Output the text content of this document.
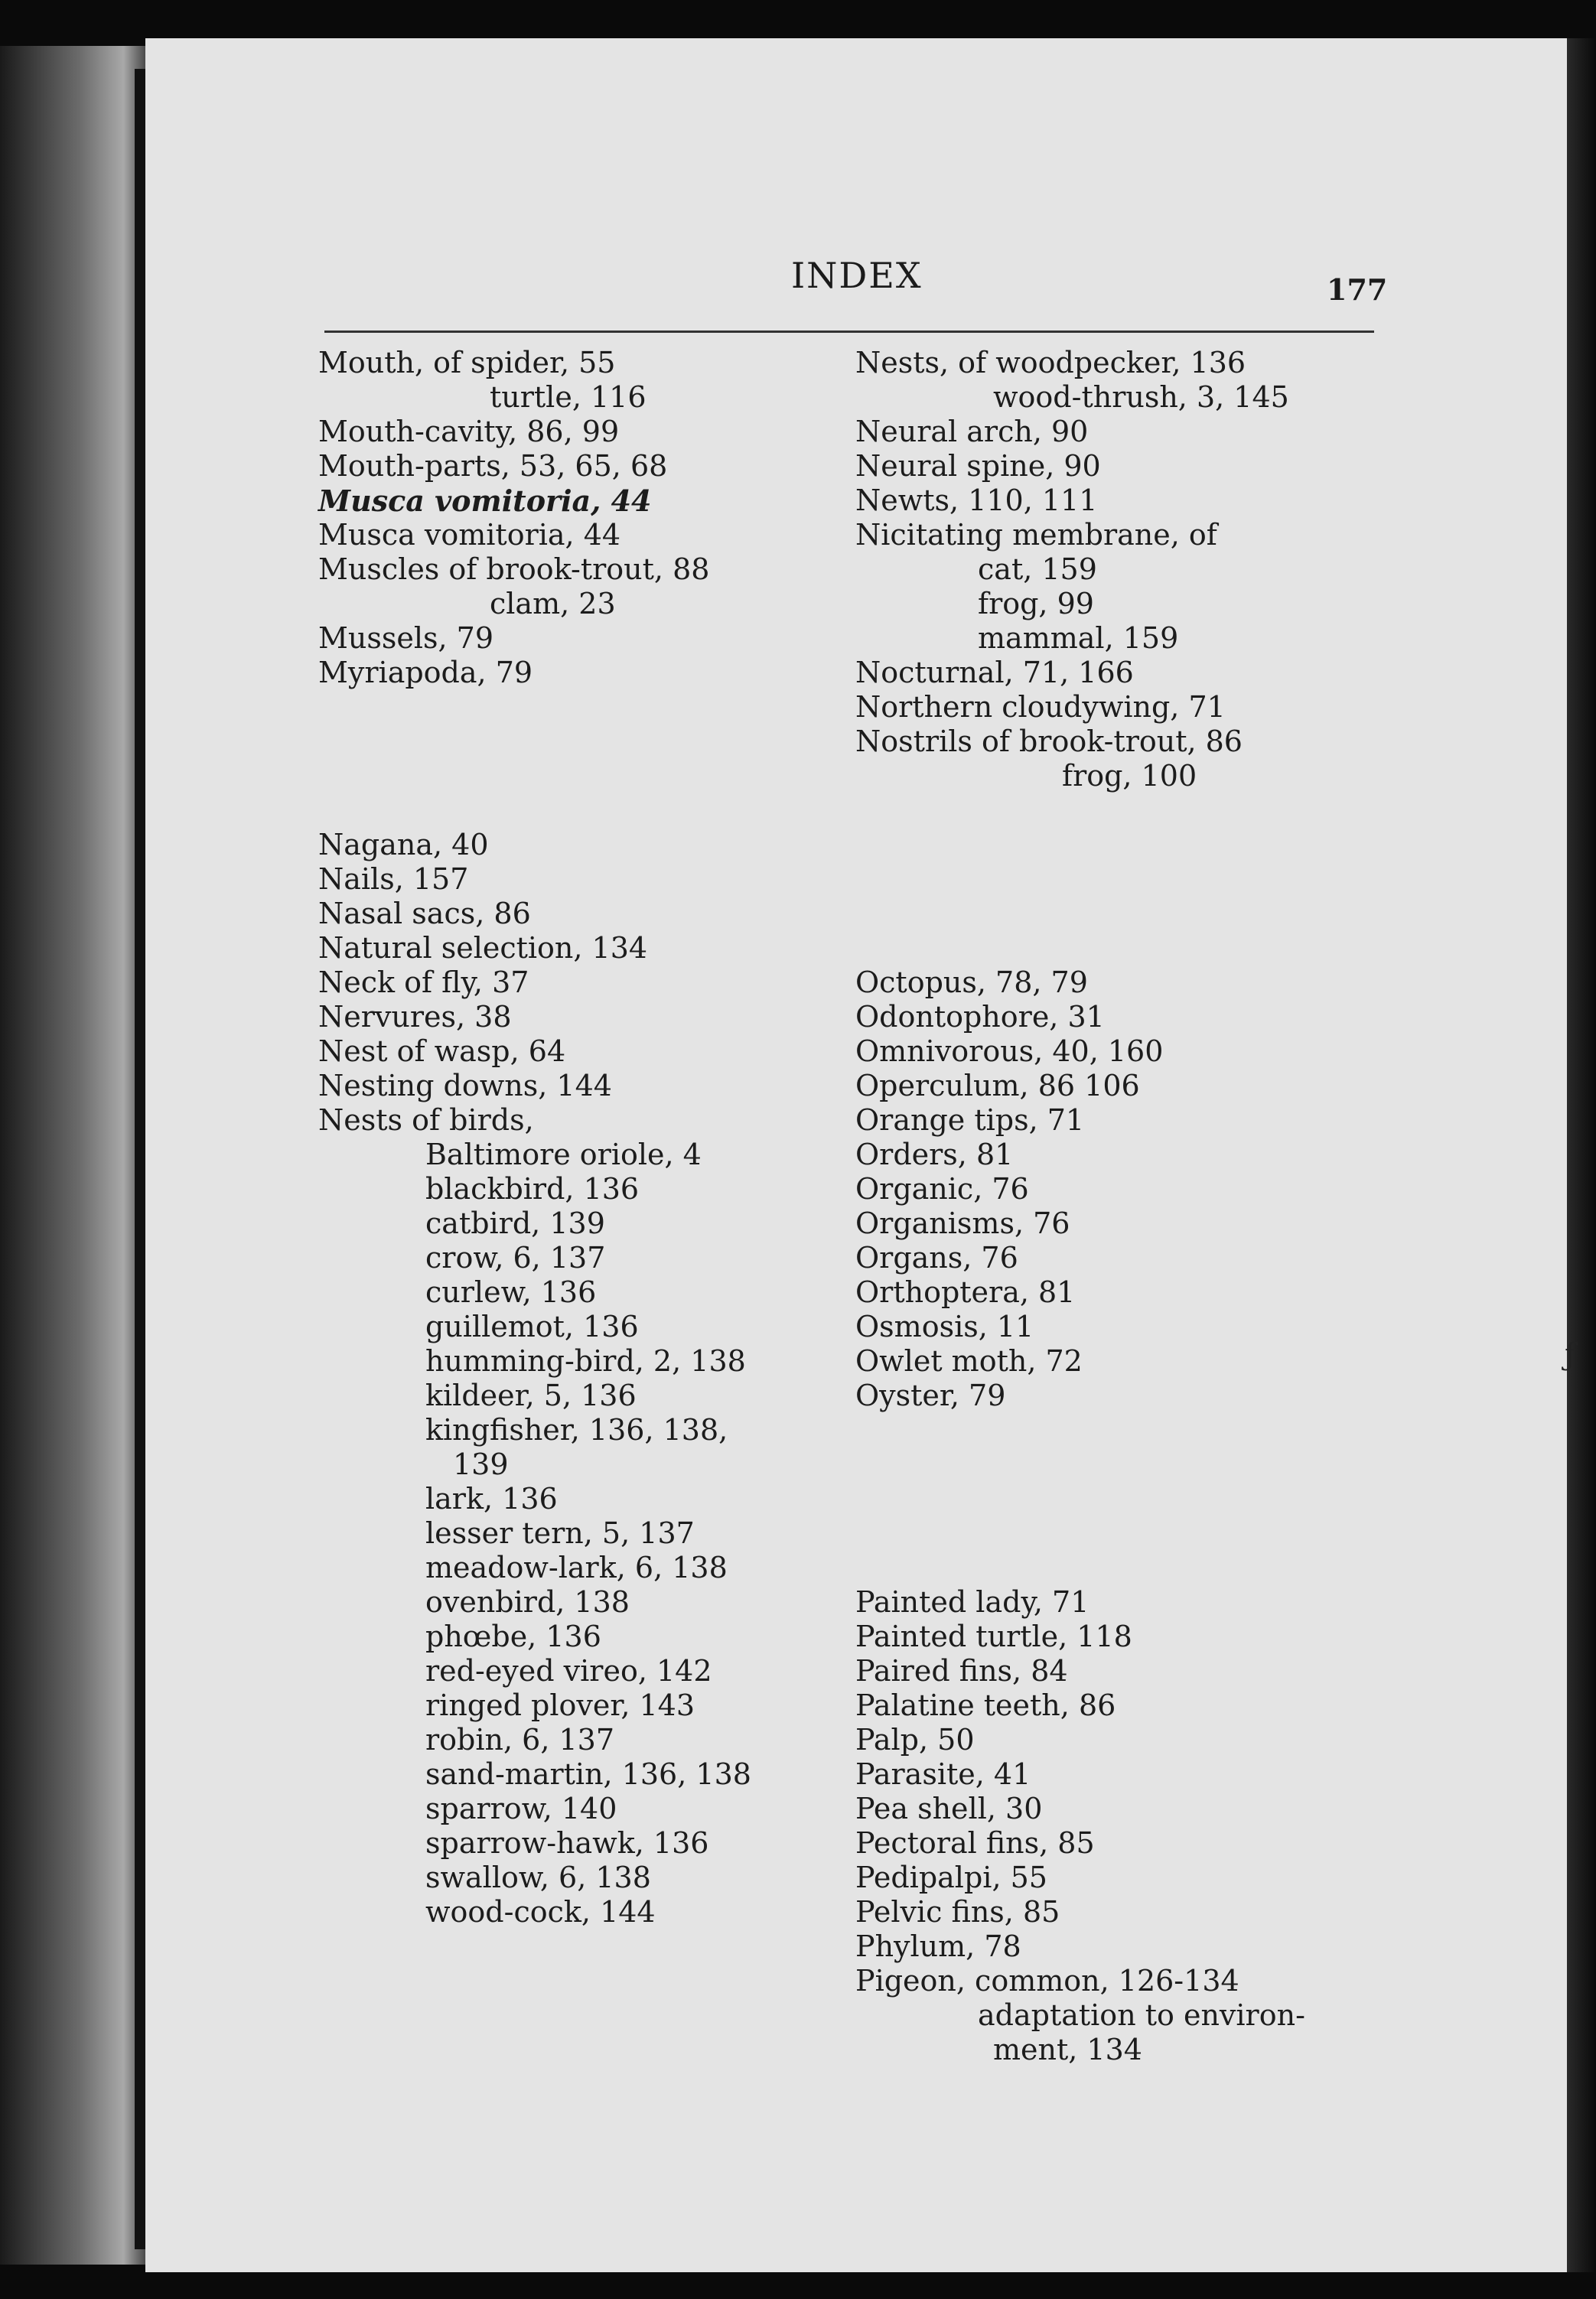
INDEX	177
Mouth, of spider, 55
turtle, 116
Mouth-cavity, 86, 99
Mouth-parts, 53, 65, 68
Musca vomitoria, 44
Musca vomitoria, 44
Muscles of brook-trout, 88
clam, 23
Mussels, 79
Myriapoda, 79
Nagana, 40
Nails, 157
Nasal sacs, 86
Natural selection, 134
Neck of fly, 37
Nervures, 38
Nest of wasp, 64
Nesting downs, 144
Nests of birds,
Baltimore oriole, 4
blackbird, 136
catbird, 139
crow, 6, 137
curlew, 136
guillemot, 136
humming-bird, 2, 138
kildeer, 5, 136
kingfisher, 136, 138,
139
lark, 136
lesser tern, 5, 137
meadow-lark, 6, 138
ovenbird, 138
phœbe, 136
red-eyed vireo, 142
ringed plover, 143
robin, 6, 137
sand-martin, 136, 138
sparrow, 140
sparrow-hawk, 136
swallow, 6, 138
wood-cock, 144
Nests, of woodpecker, 136
wood-thrush, 3, 145
Neural arch, 90
Neural spine, 90
Newts, 110, 111
Nicitating membrane, of
cat, 159
frog, 99
mammal, 159
Nocturnal, 71, 166
Northern cloudywing, 71
Nostrils of brook-trout, 86
frog, 100
Octopus, 78, 79
Odontophore, 31
Omnivorous, 40, 160
Operculum, 86 106
Orange tips, 71
Orders, 81
Organic, 76
Organisms, 76
Organs, 76
Orthoptera, 81
Osmosis, 11
Owlet moth, 72
Oyster, 79
Painted lady, 71
Painted turtle, 118
Paired fins, 84
Palatine teeth, 86
Palp, 50
Parasite, 41
Pea shell, 30
Pectoral fins, 85
Pedipalpi, 55
Pelvic fins, 85
Phylum, 78
Pigeon, common, 126-134
adaptation to environ-
ment, 134
ƒ
